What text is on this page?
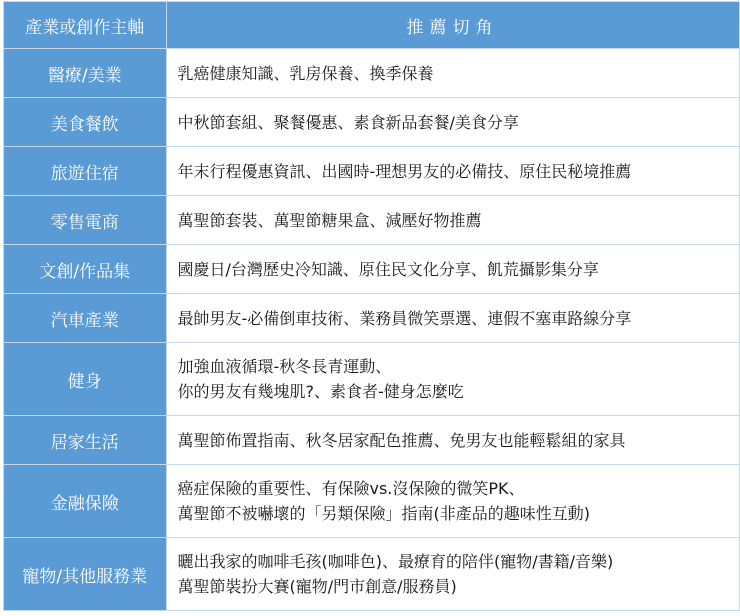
產業或創作主軸	推薦切角
醫療/美業	乳癌健康知識、乳房保養、換季保養

美食餐飲	中秋節套組、聚餐優惠、素食新品套餐/美食分享

旅遊住宿	年末行程優惠資訊、出國時-理想男友的必備技、原住民秘境推薦

零售電商	萬聖節套裝、萬聖節糖果盒、減壓好物推薦

文創/作品集	國慶日/台灣歷史冷知識、原住民文化分享、飢荒攝影集分享

汽車產業	最帥男友-必備倒車技術、業務員微笑票選、連假不塞車路線分享

健身	加強血液循環-秋冬長青運動、
你的男友有幾塊肌?、素食者-健身怎麼吃

居家生活	萬聖節佈置指南、秋冬居家配色推薦、免男友也能輕鬆組的家具

金融保險	癌症保險的重要性、有保險vs.沒保險的微笑PK、
萬聖節不被嚇壞的「另類保險」指南(非產品的趣味性互動)

寵物/其他服務業	曬出我家的咖啡毛孩(咖啡色)、最療育的陪伴(寵物/書籍/音樂)
萬聖節裝扮大賽(寵物/門市創意/服務員)
